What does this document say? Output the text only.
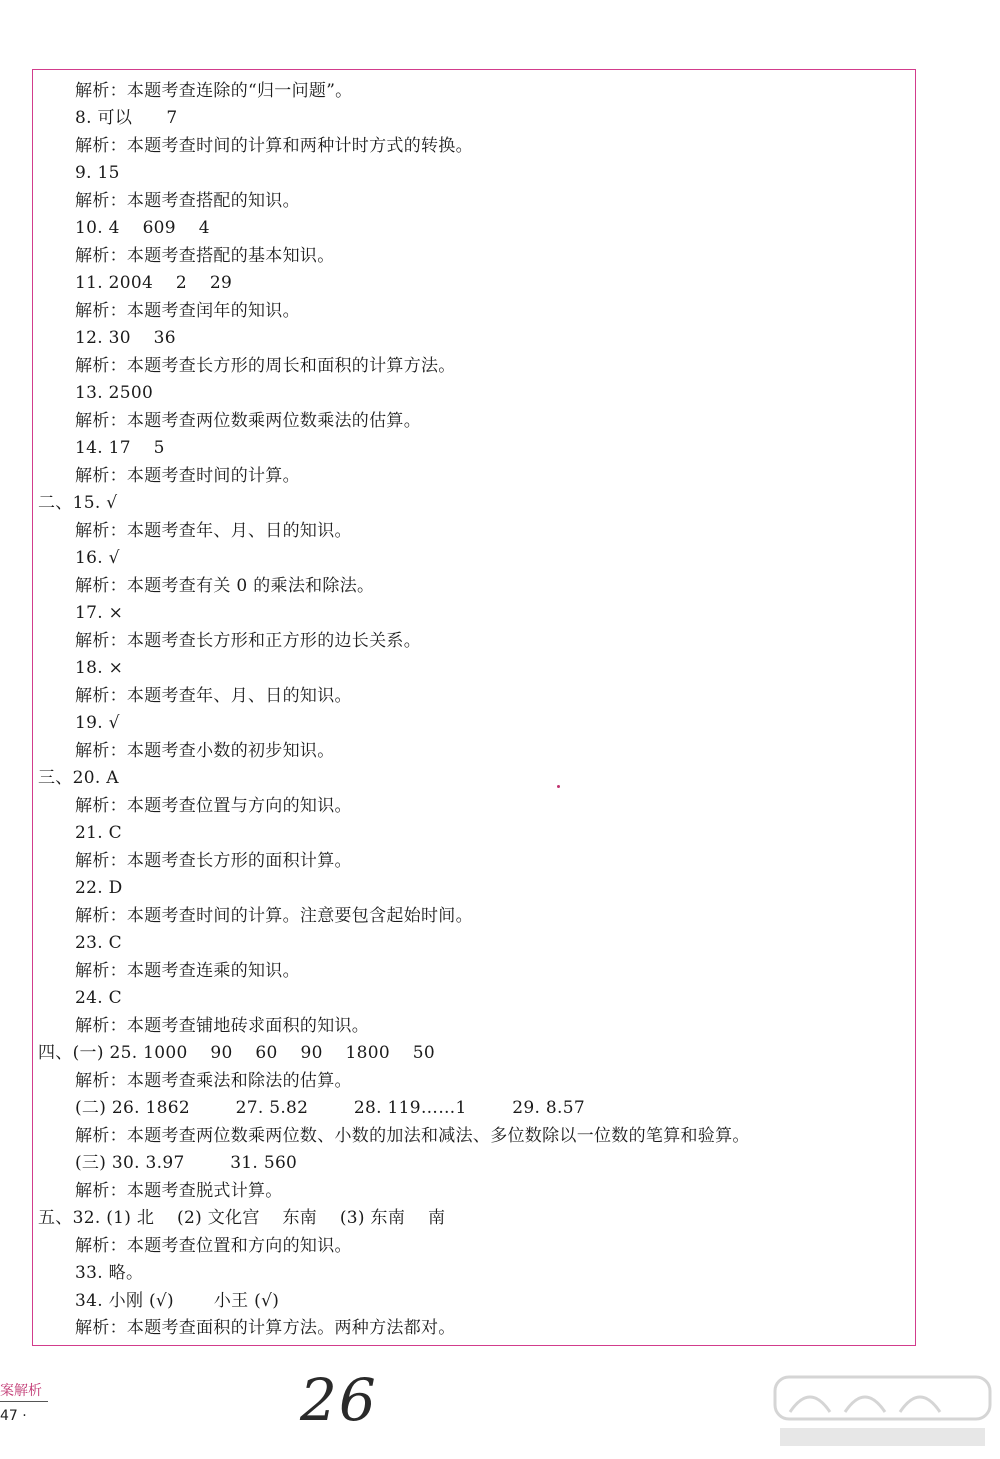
解析：本题考查连除的“归一问题”。
8. 可以      7
解析：本题考查时间的计算和两种计时方式的转换。
9. 15
解析：本题考查搭配的知识。
10. 4    609    4
解析：本题考查搭配的基本知识。
11. 2004    2    29
解析：本题考查闰年的知识。
12. 30    36
解析：本题考查长方形的周长和面积的计算方法。
13. 2500
解析：本题考查两位数乘两位数乘法的估算。
14. 17    5
解析：本题考查时间的计算。
二、15. √
解析：本题考查年、月、日的知识。
16. √
解析：本题考查有关 0 的乘法和除法。
17. ×
解析：本题考查长方形和正方形的边长关系。
18. ×
解析：本题考查年、月、日的知识。
19. √
解析：本题考查小数的初步知识。
三、20. A
解析：本题考查位置与方向的知识。
21. C
解析：本题考查长方形的面积计算。
22. D
解析：本题考查时间的计算。注意要包含起始时间。
23. C
解析：本题考查连乘的知识。
24. C
解析：本题考查铺地砖求面积的知识。
四、(一) 25. 1000    90    60    90    1800    50
解析：本题考查乘法和除法的估算。
(二) 26. 1862        27. 5.82        28. 119……1        29. 8.57
解析：本题考查两位数乘两位数、小数的加法和减法、多位数除以一位数的笔算和验算。
(三) 30. 3.97        31. 560
解析：本题考查脱式计算。
五、32. (1) 北    (2) 文化宫    东南    (3) 东南    南
解析：本题考查位置和方向的知识。
33. 略。
34. 小刚 (√)       小王 (√)
解析：本题考查面积的计算方法。两种方法都对。
案解析
47 ·	26
